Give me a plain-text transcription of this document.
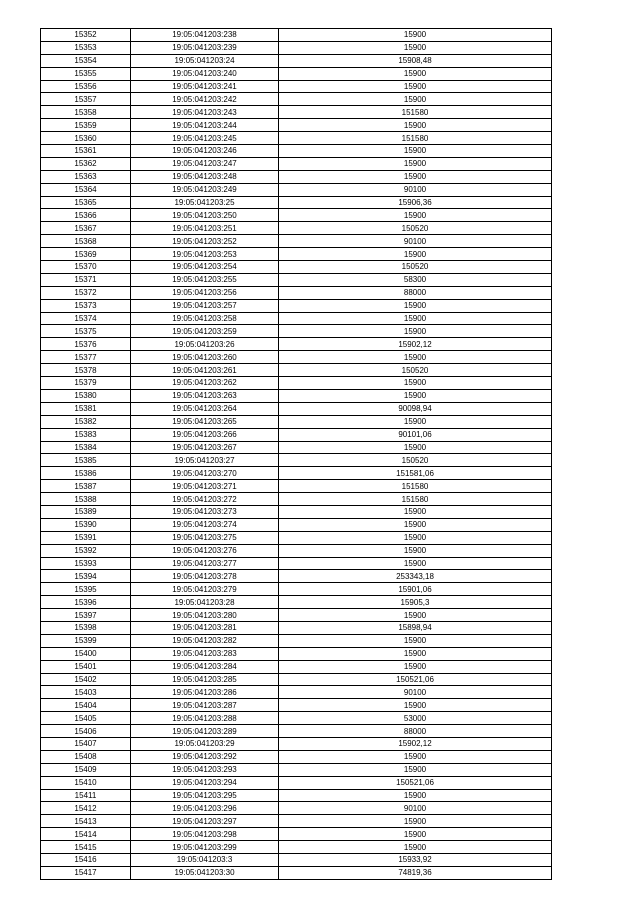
15352	19:05:041203:238	15900
15353	19:05:041203:239	15900
15354	19:05:041203:24	15908,48
15355	19:05:041203:240	15900
15356	19:05:041203:241	15900
15357	19:05:041203:242	15900
15358	19:05:041203:243	151580
15359	19:05:041203:244	15900
15360	19:05:041203:245	151580
15361	19:05:041203:246	15900
15362	19:05:041203:247	15900
15363	19:05:041203:248	15900
15364	19:05:041203:249	90100
15365	19:05:041203:25	15906,36
15366	19:05:041203:250	15900
15367	19:05:041203:251	150520
15368	19:05:041203:252	90100
15369	19:05:041203:253	15900
15370	19:05:041203:254	150520
15371	19:05:041203:255	58300
15372	19:05:041203:256	88000
15373	19:05:041203:257	15900
15374	19:05:041203:258	15900
15375	19:05:041203:259	15900
15376	19:05:041203:26	15902,12
15377	19:05:041203:260	15900
15378	19:05:041203:261	150520
15379	19:05:041203:262	15900
15380	19:05:041203:263	15900
15381	19:05:041203:264	90098,94
15382	19:05:041203:265	15900
15383	19:05:041203:266	90101,06
15384	19:05:041203:267	15900
15385	19:05:041203:27	150520
15386	19:05:041203:270	151581,06
15387	19:05:041203:271	151580
15388	19:05:041203:272	151580
15389	19:05:041203:273	15900
15390	19:05:041203:274	15900
15391	19:05:041203:275	15900
15392	19:05:041203:276	15900
15393	19:05:041203:277	15900
15394	19:05:041203:278	253343,18
15395	19:05:041203:279	15901,06
15396	19:05:041203:28	15905,3
15397	19:05:041203:280	15900
15398	19:05:041203:281	15898,94
15399	19:05:041203:282	15900
15400	19:05:041203:283	15900
15401	19:05:041203:284	15900
15402	19:05:041203:285	150521,06
15403	19:05:041203:286	90100
15404	19:05:041203:287	15900
15405	19:05:041203:288	53000
15406	19:05:041203:289	88000
15407	19:05:041203:29	15902,12
15408	19:05:041203:292	15900
15409	19:05:041203:293	15900
15410	19:05:041203:294	150521,06
15411	19:05:041203:295	15900
15412	19:05:041203:296	90100
15413	19:05:041203:297	15900
15414	19:05:041203:298	15900
15415	19:05:041203:299	15900
15416	19:05:041203:3	15933,92
15417	19:05:041203:30	74819,36
